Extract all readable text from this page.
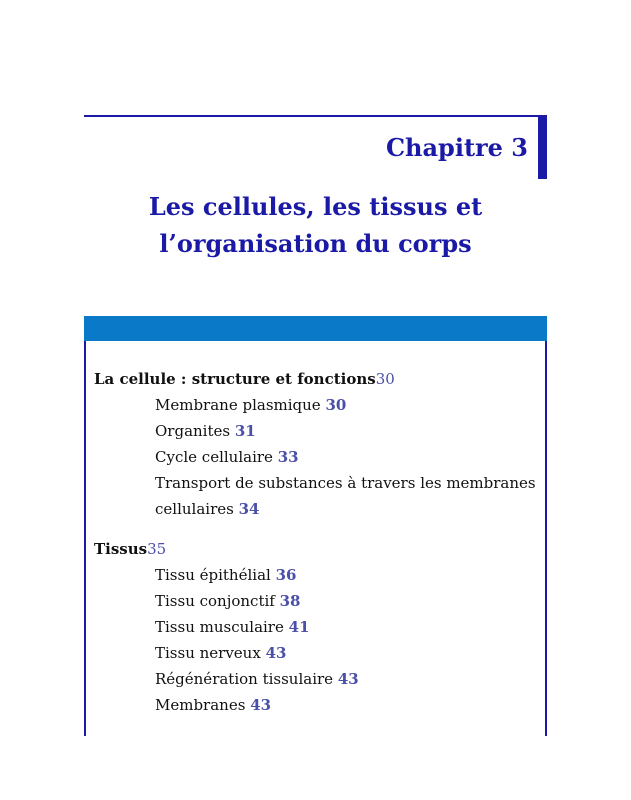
Chapitre 3
Les cellules, les tissus et
l’organisation du corps
La cellule : structure et fonctions30
Membrane plasmique 30
Organites 31
Cycle cellulaire 33
Transport de substances à travers les membranes
cellulaires 34
Tissus35
Tissu épithélial 36
Tissu conjonctif 38
Tissu musculaire 41
Tissu nerveux 43
Régénération tissulaire 43
Membranes 43
